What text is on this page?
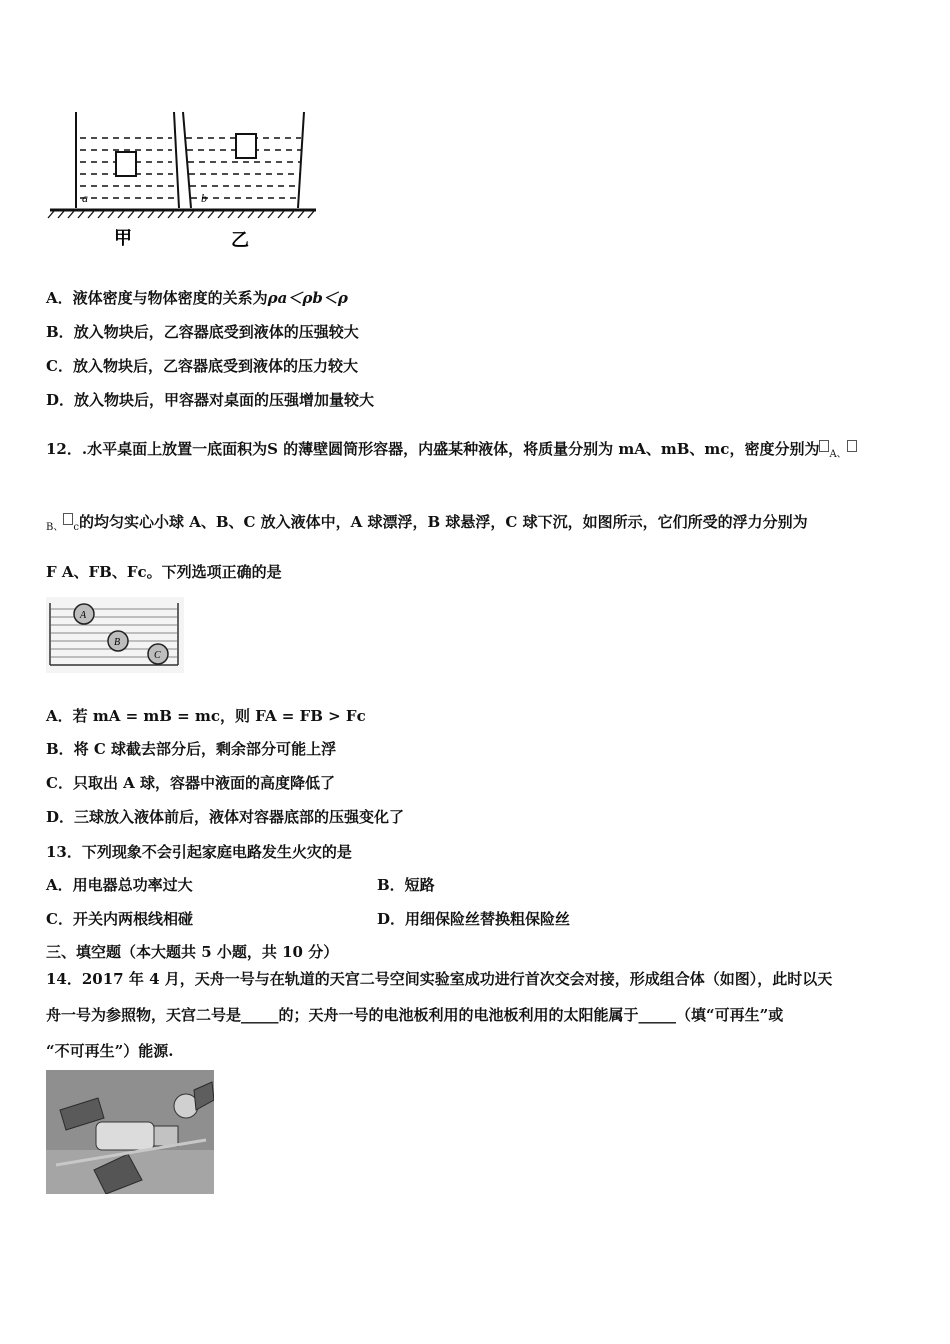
a	b
甲	乙
A．液体密度与物体密度的关系为ρa＜ρb＜ρ
B．放入物块后，乙容器底受到液体的压强较大
C．放入物块后，乙容器底受到液体的压力较大
D．放入物块后，甲容器对桌面的压强增加量较大
12．.水平桌面上放置一底面积为S 的薄壁圆筒形容器，内盛某种液体，将质量分别为 mA、mB、mc，密度分别为 $_{A、}$
$_{B、}$ $_c$的均匀实心小球 A、B、C 放入液体中，A 球漂浮，B 球悬浮，C 球下沉，如图所示，它们所受的浮力分别为
F A、FB、Fc。下列选项正确的是
A
B
C
A．若 mA = mB = mc，则 FA = FB > Fc
B．将 C 球截去部分后，剩余部分可能上浮
C．只取出 A 球，容器中液面的高度降低了
D．三球放入液体前后，液体对容器底部的压强变化了
13．下列现象不会引起家庭电路发生火灾的是
A．用电器总功率过大	B．短路
C．开关内两根线相碰	D．用细保险丝替换粗保险丝
三、填空题（本大题共 5 小题，共 10 分）
14．2017 年 4 月，天舟一号与在轨道的天宫二号空间实验室成功进行首次交会对接，形成组合体（如图），此时以天
舟一号为参照物，天宫二号是_____的；天舟一号的电池板利用的电池板利用的太阳能属于_____（填“可再生”或
“不可再生”）能源.
